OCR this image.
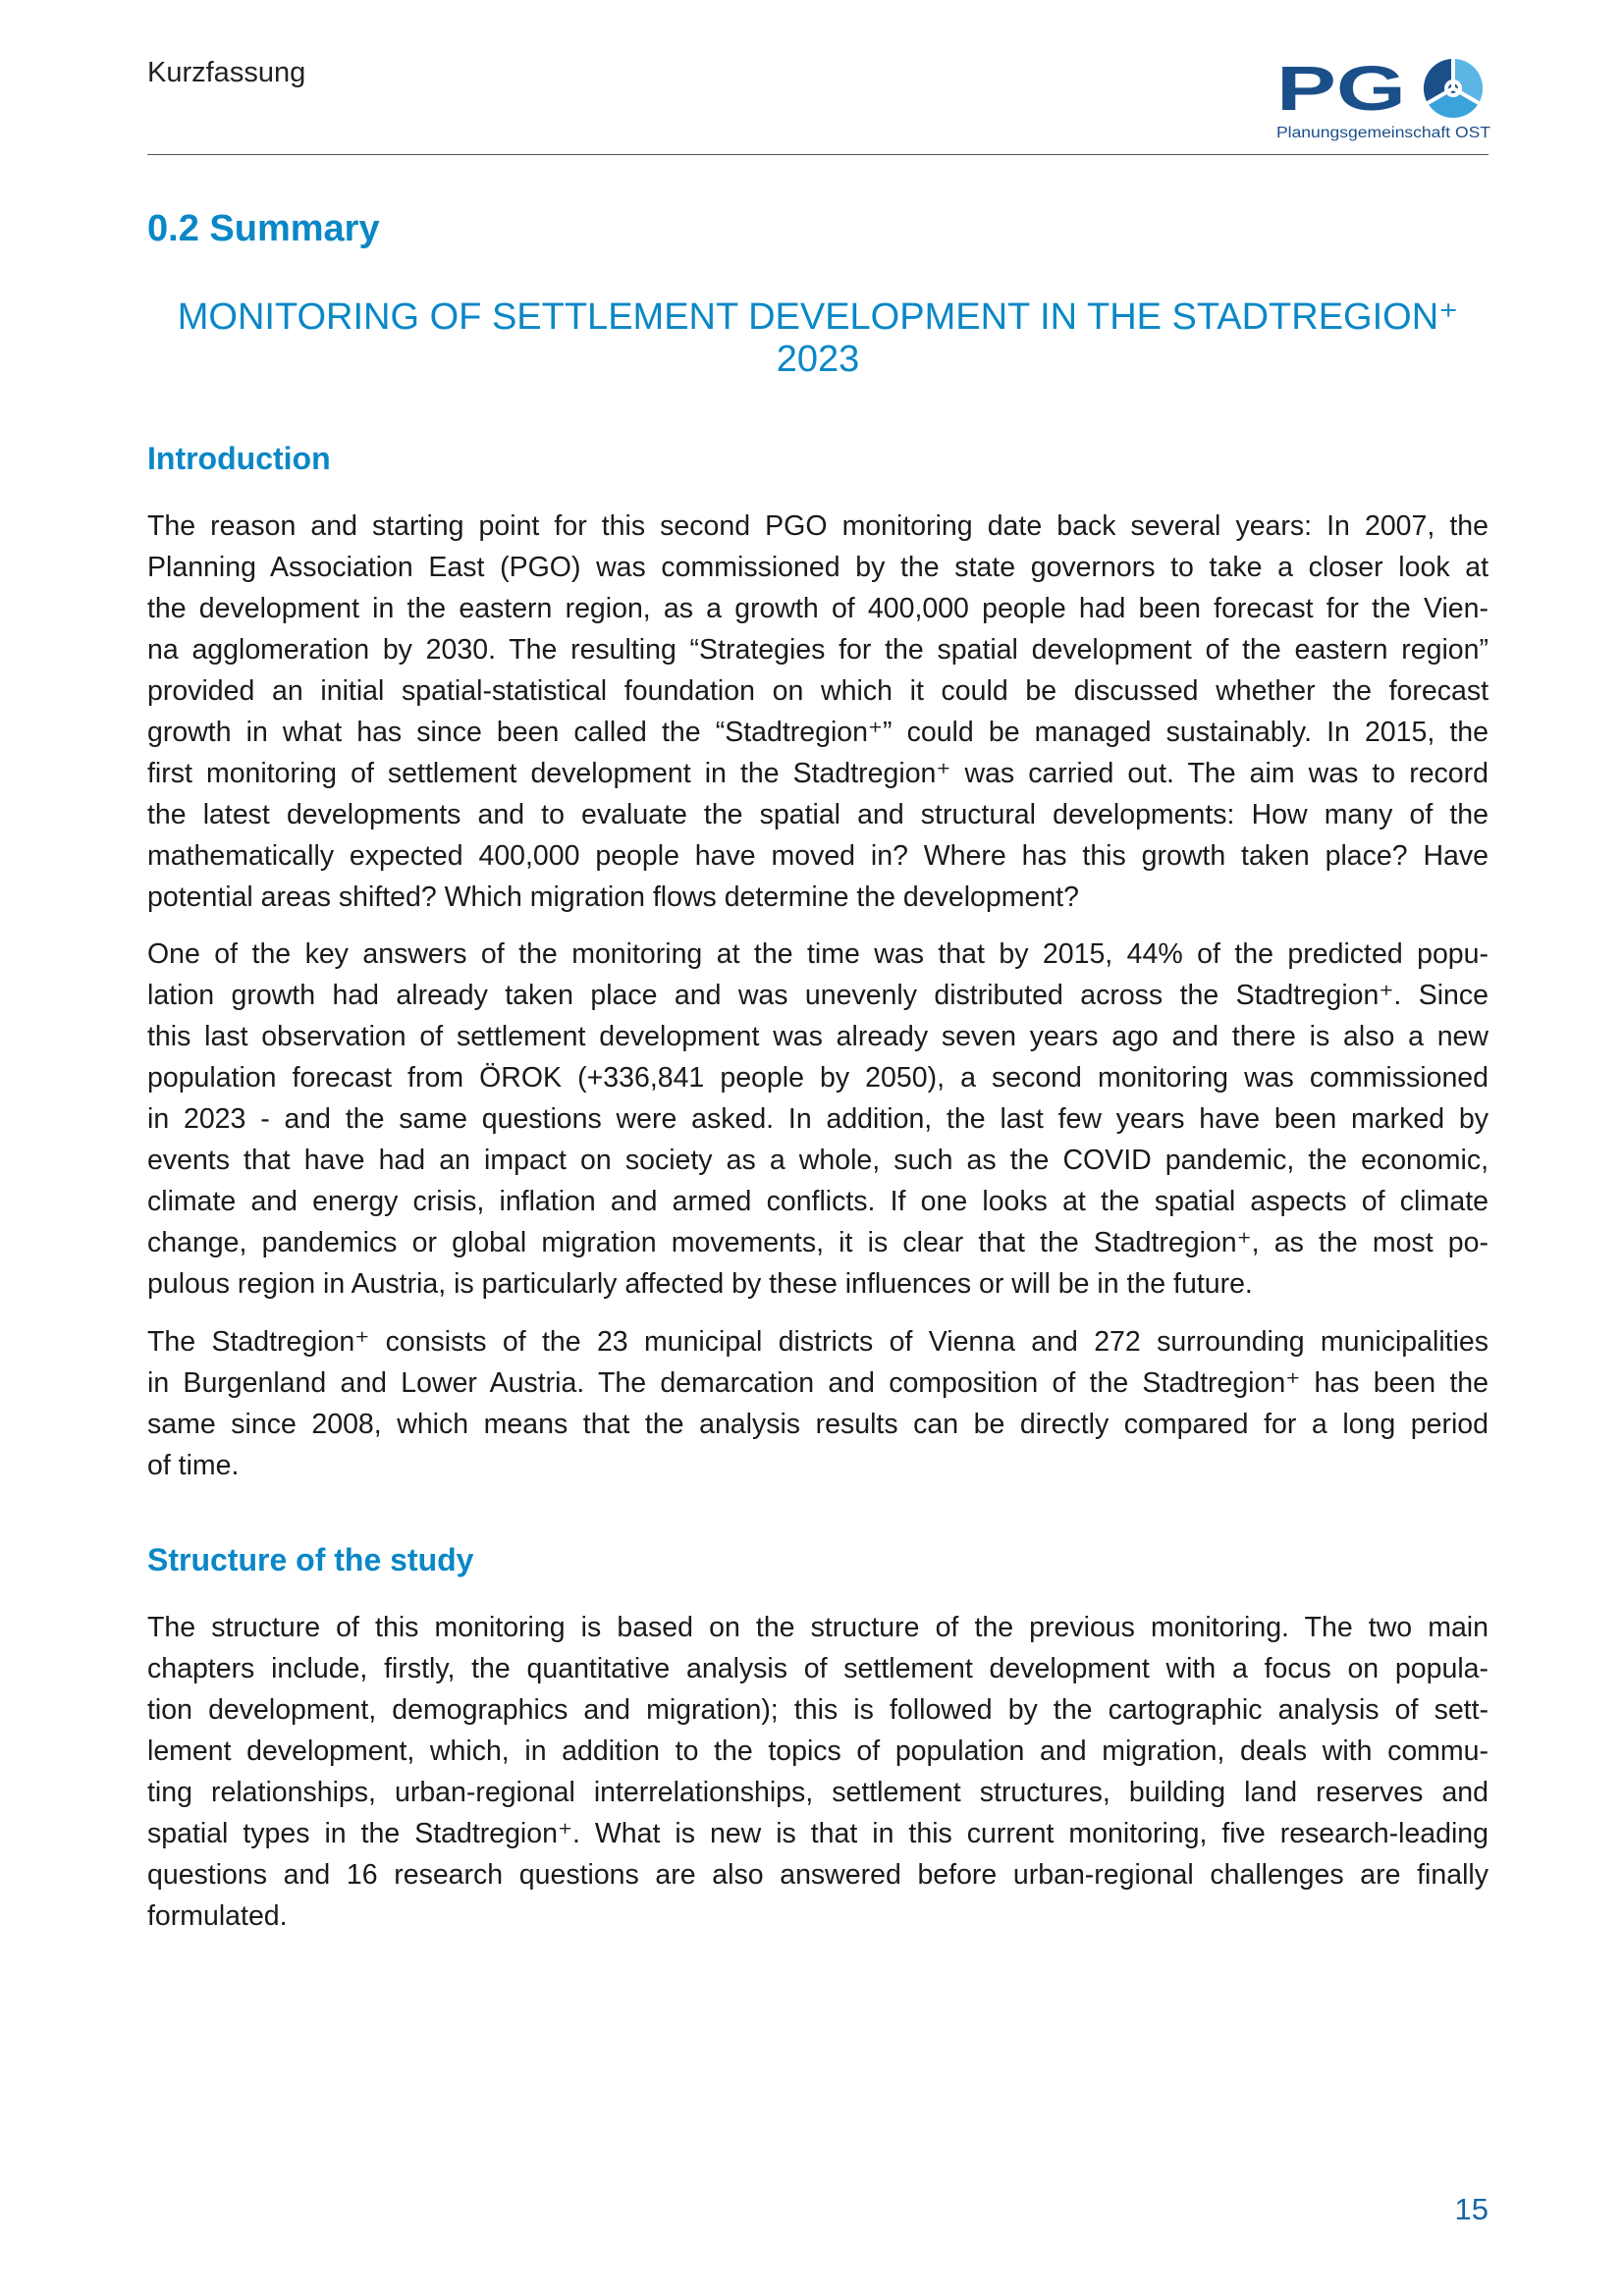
Kurzfassung	PG
Planungsgemeinschaft OST
0.2 Summary
MONITORING OF SETTLEMENT DEVELOPMENT IN THE STADTREGION⁺
2023
Introduction
The reason and starting point for this second PGO monitoring date back several years: In 2007, the
Planning Association East (PGO) was commissioned by the state governors to take a closer look at
the development in the eastern region, as a growth of 400,000 people had been forecast for the Vien-
na agglomeration by 2030. The resulting “Strategies for the spatial development of the eastern region”
provided an initial spatial-statistical foundation on which it could be discussed whether the forecast
growth in what has since been called the “Stadtregion⁺” could be managed sustainably. In 2015, the
first monitoring of settlement development in the Stadtregion⁺ was carried out. The aim was to record
the latest developments and to evaluate the spatial and structural developments: How many of the
mathematically expected 400,000 people have moved in? Where has this growth taken place? Have
potential areas shifted? Which migration flows determine the development?
One of the key answers of the monitoring at the time was that by 2015, 44% of the predicted popu-
lation growth had already taken place and was unevenly distributed across the Stadtregion⁺. Since
this last observation of settlement development was already seven years ago and there is also a new
population forecast from ÖROK (+336,841 people by 2050), a second monitoring was commissioned
in 2023 - and the same questions were asked. In addition, the last few years have been marked by
events that have had an impact on society as a whole, such as the COVID pandemic, the economic,
climate and energy crisis, inflation and armed conflicts. If one looks at the spatial aspects of climate
change, pandemics or global migration movements, it is clear that the Stadtregion⁺, as the most po-
pulous region in Austria, is particularly affected by these influences or will be in the future.
The Stadtregion⁺ consists of the 23 municipal districts of Vienna and 272 surrounding municipalities
in Burgenland and Lower Austria. The demarcation and composition of the Stadtregion⁺ has been the
same since 2008, which means that the analysis results can be directly compared for a long period
of time.
Structure of the study
The structure of this monitoring is based on the structure of the previous monitoring. The two main
chapters include, firstly, the quantitative analysis of settlement development with a focus on popula-
tion development, demographics and migration); this is followed by the cartographic analysis of sett-
lement development, which, in addition to the topics of population and migration, deals with commu-
ting relationships, urban-regional interrelationships, settlement structures, building land reserves and
spatial types in the Stadtregion⁺. What is new is that in this current monitoring, five research-leading
questions and 16 research questions are also answered before urban-regional challenges are finally
formulated.
15
